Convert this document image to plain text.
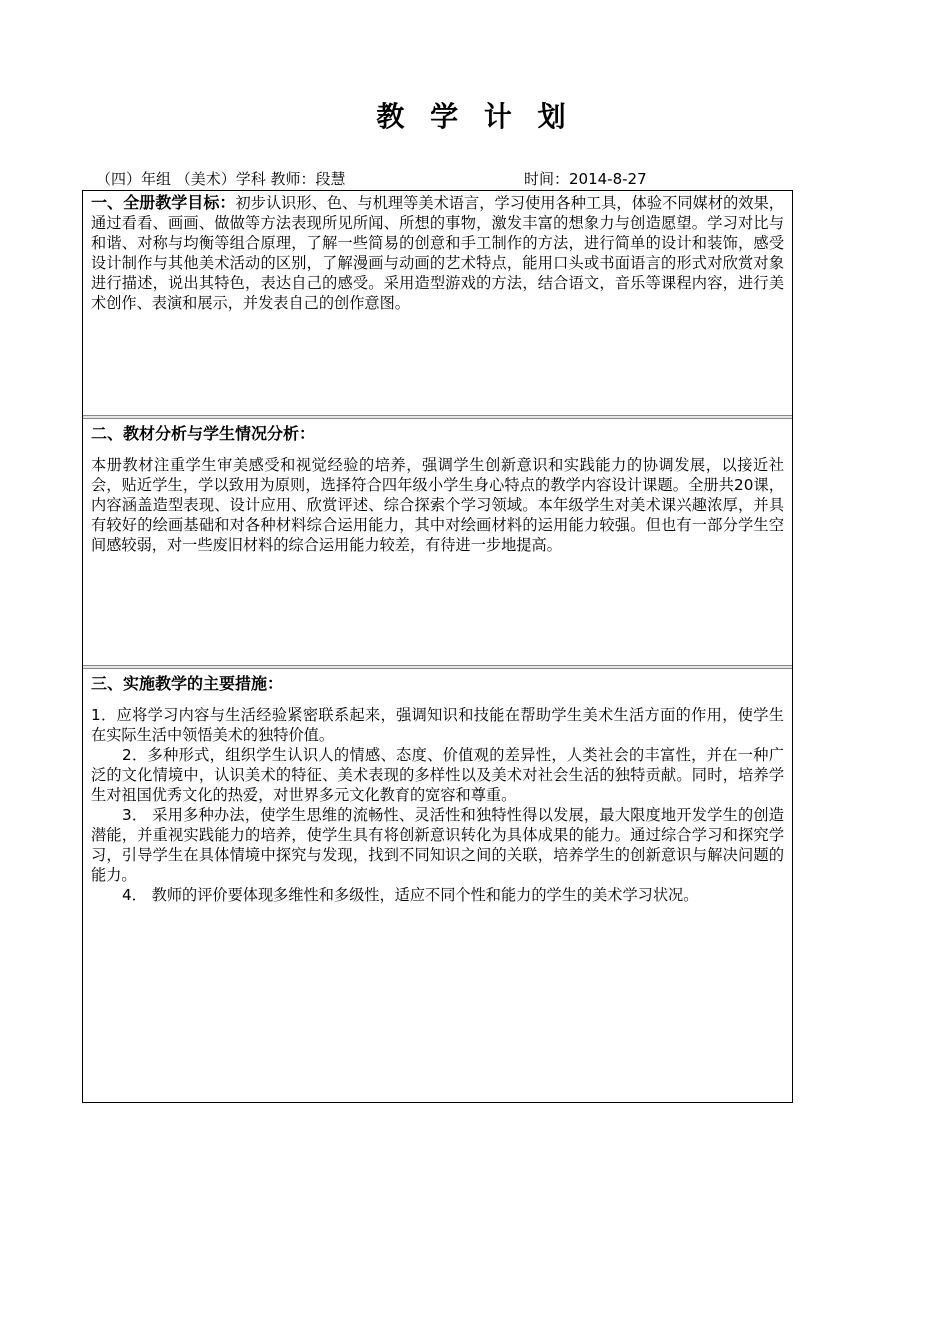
教 学 计 划
（四）年组 （美术）学科 教师：段慧	时间：2014-8-27

一、全册教学目标：初步认识形、色、与机理等美术语言，学习使用各种工具，体验不同媒材的效果，通过看看、画画、做做等方法表现所见所闻、所想的事物，激发丰富的想象力与创造愿望。学习对比与和谐、对称与均衡等组合原理，了解一些简易的创意和手工制作的方法，进行简单的设计和装饰，感受设计制作与其他美术活动的区别，了解漫画与动画的艺术特点，能用口头或书面语言的形式对欣赏对象进行描述，说出其特色，表达自己的感受。采用造型游戏的方法，结合语文，音乐等课程内容，进行美术创作、表演和展示，并发表自己的创作意图。

二、教材分析与学生情况分析：

本册教材注重学生审美感受和视觉经验的培养，强调学生创新意识和实践能力的协调发展，以接近社会，贴近学生，学以致用为原则，选择符合四年级小学生身心特点的教学内容设计课题。全册共20课，内容涵盖造型表现、设计应用、欣赏评述、综合探索个学习领域。本年级学生对美术课兴趣浓厚，并具有较好的绘画基础和对各种材料综合运用能力，其中对绘画材料的运用能力较强。但也有一部分学生空间感较弱，对一些废旧材料的综合运用能力较差，有待进一步地提高。

三、实施教学的主要措施：

1．应将学习内容与生活经验紧密联系起来，强调知识和技能在帮助学生美术生活方面的作用，使学生在实际生活中领悟美术的独特价值。

2．多种形式，组织学生认识人的情感、态度、价值观的差异性，人类社会的丰富性，并在一种广泛的文化情境中，认识美术的特征、美术表现的多样性以及美术对社会生活的独特贡献。同时，培养学生对祖国优秀文化的热爱，对世界多元文化教育的宽容和尊重。

3． 采用多种办法，使学生思维的流畅性、灵活性和独特性得以发展，最大限度地开发学生的创造潜能，并重视实践能力的培养，使学生具有将创新意识转化为具体成果的能力。通过综合学习和探究学习，引导学生在具体情境中探究与发现，找到不同知识之间的关联，培养学生的创新意识与解决问题的能力。

4． 教师的评价要体现多维性和多级性，适应不同个性和能力的学生的美术学习状况。
